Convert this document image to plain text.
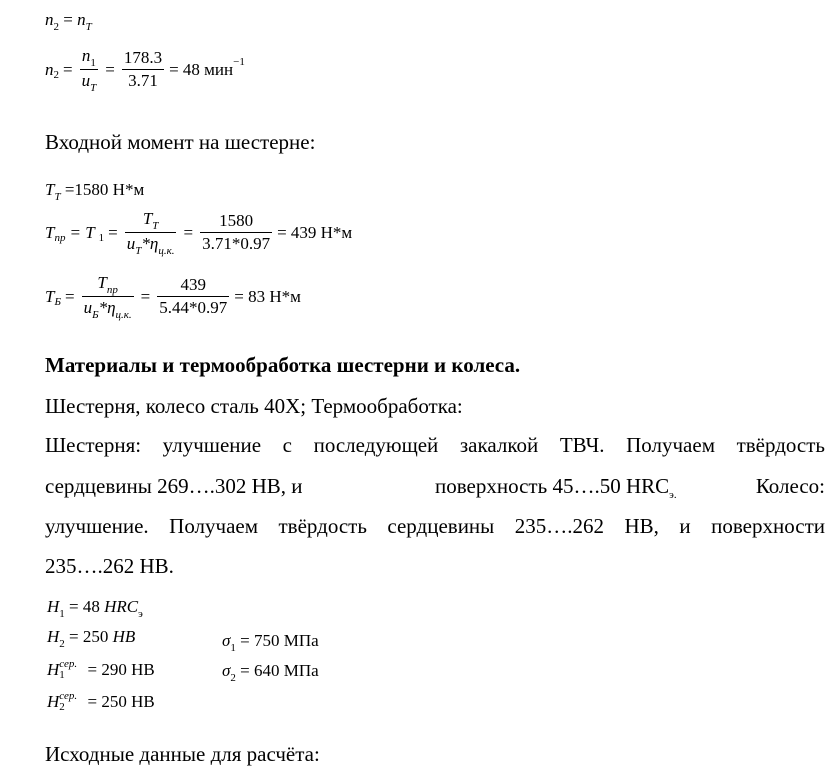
$n_2 = n_T$
n $2 = \frac{n_1}{u_T} = \frac{178.3}{3.71} = 48$ мин −1
Входной момент на шестерне:
$T_T =1580$ Н*м
T пр = T $1 = \frac{T_T}{u_T*\eta_{ц.к.}} = \frac{1580}{3.71*0.97} = 439$ Н*м
T $Б = \frac{T_{пр}}{u_Б*\eta_{ц.к.}} = \frac{439}{5.44*0.97} = 83$ Н*м
Материалы и термообработка шестерни и колеса.
Шестерня, колесо сталь 40Х; Термообработка:
Шестерня: улучшение с последующей закалкой ТВЧ. Получаем твёрдость
сердцевины 269….302 НВ, и	поверхность 45….50 $HRC_{э.}$	Колесо:
улучшение. Получаем твёрдость сердцевины 235….262 НВ, и поверхности
235….262 НВ.
$H_1 = 48$ $HRC_э$
$H_2 = 250$ HB
H сер.
1 = 290 НВ
H сер.
2 = 250 НВ
$\sigma_1 = 750$ МПа
$\sigma_2 = 640$ МПа
Исходные данные для расчёта:
